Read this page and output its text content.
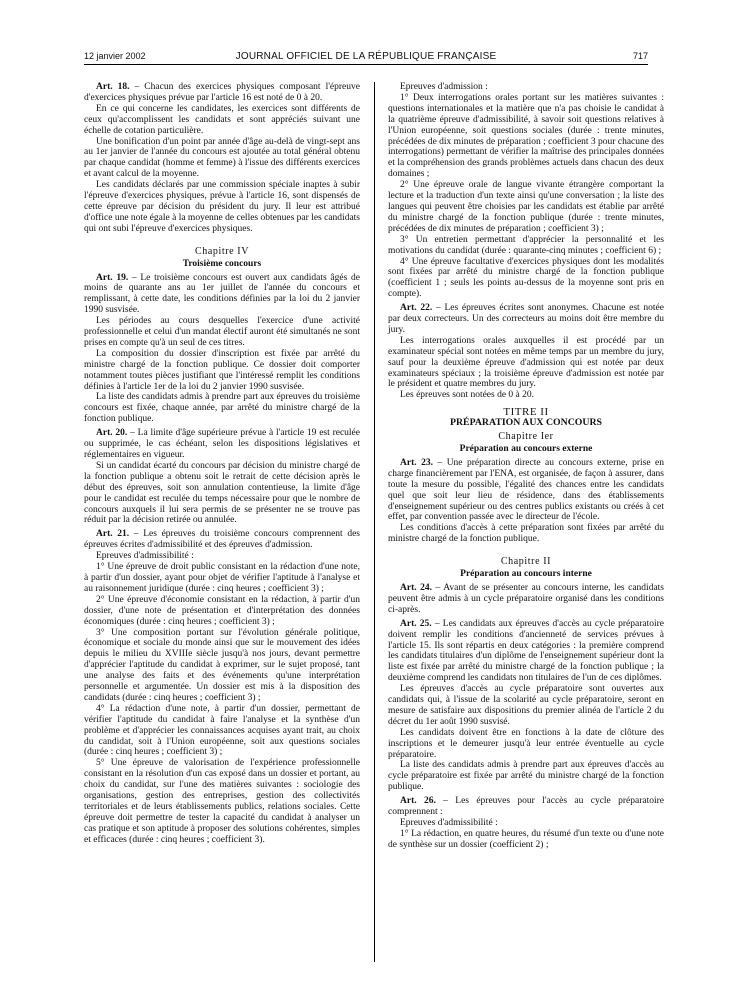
12 janvier 2002	JOURNAL OFFICIEL DE LA RÉPUBLIQUE FRANÇAISE	717

Art. 18. – Chacun des exercices physiques composant l'épreuve d'exercices physiques prévue par l'article 16 est noté de 0 à 20.

En ce qui concerne les candidates, les exercices sont différents de ceux qu'accomplissent les candidats et sont appréciés suivant une échelle de cotation particulière.

Une bonification d'un point par année d'âge au-delà de vingt-sept ans au 1er janvier de l'année du concours est ajoutée au total général obtenu par chaque candidat (homme et femme) à l'issue des différents exercices et avant calcul de la moyenne.

Les candidats déclarés par une commission spéciale inaptes à subir l'épreuve d'exercices physiques, prévue à l'article 16, sont dispensés de cette épreuve par décision du président du jury. Il leur est attribué d'office une note égale à la moyenne de celles obtenues par les candidats qui ont subi l'épreuve d'exercices physiques.

Chapitre IV
Troisième concours

Art. 19. – Le troisième concours est ouvert aux candidats âgés de moins de quarante ans au 1er juillet de l'année du concours et remplissant, à cette date, les conditions définies par la loi du 2 janvier 1990 susvisée.

Les périodes au cours desquelles l'exercice d'une activité professionnelle et celui d'un mandat électif auront été simultanés ne sont prises en compte qu'à un seul de ces titres.

La composition du dossier d'inscription est fixée par arrêté du ministre chargé de la fonction publique. Ce dossier doit comporter notamment toutes pièces justifiant que l'intéressé remplit les conditions définies à l'article 1er de la loi du 2 janvier 1990 susvisée.

La liste des candidats admis à prendre part aux épreuves du troisième concours est fixée, chaque année, par arrêté du ministre chargé de la fonction publique.

Art. 20. – La limite d'âge supérieure prévue à l'article 19 est reculée ou supprimée, le cas échéant, selon les dispositions législatives et réglementaires en vigueur.

Si un candidat écarté du concours par décision du ministre chargé de la fonction publique a obtenu soit le retrait de cette décision après le début des épreuves, soit son annulation contentieuse, la limite d'âge pour le candidat est reculée du temps nécessaire pour que le nombre de concours auxquels il lui sera permis de se présenter ne se trouve pas réduit par la décision retirée ou annulée.

Art. 21. – Les épreuves du troisième concours comprennent des épreuves écrites d'admissibilité et des épreuves d'admission.

Epreuves d'admissibilité :

1° Une épreuve de droit public consistant en la rédaction d'une note, à partir d'un dossier, ayant pour objet de vérifier l'aptitude à l'analyse et au raisonnement juridique (durée : cinq heures ; coefficient 3) ;

2° Une épreuve d'économie consistant en la rédaction, à partir d'un dossier, d'une note de présentation et d'interprétation des données économiques (durée : cinq heures ; coefficient 3) ;

3° Une composition portant sur l'évolution générale politique, économique et sociale du monde ainsi que sur le mouvement des idées depuis le milieu du XVIIIe siècle jusqu'à nos jours, devant permettre d'apprécier l'aptitude du candidat à exprimer, sur le sujet proposé, tant une analyse des faits et des événements qu'une interprétation personnelle et argumentée. Un dossier est mis à la disposition des candidats (durée : cinq heures ; coefficient 3) ;

4° La rédaction d'une note, à partir d'un dossier, permettant de vérifier l'aptitude du candidat à faire l'analyse et la synthèse d'un problème et d'apprécier les connaissances acquises ayant trait, au choix du candidat, soit à l'Union européenne, soit aux questions sociales (durée : cinq heures ; coefficient 3) ;

5° Une épreuve de valorisation de l'expérience professionnelle consistant en la résolution d'un cas exposé dans un dossier et portant, au choix du candidat, sur l'une des matières suivantes : sociologie des organisations, gestion des entreprises, gestion des collectivités territoriales et de leurs établissements publics, relations sociales. Cette épreuve doit permettre de tester la capacité du candidat à analyser un cas pratique et son aptitude à proposer des solutions cohérentes, simples et efficaces (durée : cinq heures ; coefficient 3).

Epreuves d'admission :

1° Deux interrogations orales portant sur les matières suivantes : questions internationales et la matière que n'a pas choisie le candidat à la quatrième épreuve d'admissibilité, à savoir soit questions relatives à l'Union européenne, soit questions sociales (durée : trente minutes, précédées de dix minutes de préparation ; coefficient 3 pour chacune des interrogations) permettant de vérifier la maîtrise des principales données et la compréhension des grands problèmes actuels dans chacun des deux domaines ;

2° Une épreuve orale de langue vivante étrangère comportant la lecture et la traduction d'un texte ainsi qu'une conversation ; la liste des langues qui peuvent être choisies par les candidats est établie par arrêté du ministre chargé de la fonction publique (durée : trente minutes, précédées de dix minutes de préparation ; coefficient 3) ;

3° Un entretien permettant d'apprécier la personnalité et les motivations du candidat (durée : quarante-cinq minutes ; coefficient 6) ;

4° Une épreuve facultative d'exercices physiques dont les modalités sont fixées par arrêté du ministre chargé de la fonction publique (coefficient 1 ; seuls les points au-dessus de la moyenne sont pris en compte).

Art. 22. – Les épreuves écrites sont anonymes. Chacune est notée par deux correcteurs. Un des correcteurs au moins doit être membre du jury.

Les interrogations orales auxquelles il est procédé par un examinateur spécial sont notées en même temps par un membre du jury, sauf pour la deuxième épreuve d'admission qui est notée par deux examinateurs spéciaux ; la troisième épreuve d'admission est notée par le président et quatre membres du jury.

Les épreuves sont notées de 0 à 20.

TITRE II
PRÉPARATION AUX CONCOURS
Chapitre Ier
Préparation au concours externe

Art. 23. – Une préparation directe au concours externe, prise en charge financièrement par l'ENA, est organisée, de façon à assurer, dans toute la mesure du possible, l'égalité des chances entre les candidats quel que soit leur lieu de résidence, dans des établissements d'enseignement supérieur ou des centres publics existants ou créés à cet effet, par convention passée avec le directeur de l'école.

Les conditions d'accès à cette préparation sont fixées par arrêté du ministre chargé de la fonction publique.

Chapitre II
Préparation au concours interne

Art. 24. – Avant de se présenter au concours interne, les candidats peuvent être admis à un cycle préparatoire organisé dans les conditions ci-après.

Art. 25. – Les candidats aux épreuves d'accès au cycle préparatoire doivent remplir les conditions d'ancienneté de services prévues à l'article 15. Ils sont répartis en deux catégories : la première comprend les candidats titulaires d'un diplôme de l'enseignement supérieur dont la liste est fixée par arrêté du ministre chargé de la fonction publique ; la deuxième comprend les candidats non titulaires de l'un de ces diplômes.

Les épreuves d'accès au cycle préparatoire sont ouvertes aux candidats qui, à l'issue de la scolarité au cycle préparatoire, seront en mesure de satisfaire aux dispositions du premier alinéa de l'article 2 du décret du 1er août 1990 susvisé.

Les candidats doivent être en fonctions à la date de clôture des inscriptions et le demeurer jusqu'à leur entrée éventuelle au cycle préparatoire.

La liste des candidats admis à prendre part aux épreuves d'accès au cycle préparatoire est fixée par arrêté du ministre chargé de la fonction publique.

Art. 26. – Les épreuves pour l'accès au cycle préparatoire comprennent :

Epreuves d'admissibilité :

1° La rédaction, en quatre heures, du résumé d'un texte ou d'une note de synthèse sur un dossier (coefficient 2) ;
